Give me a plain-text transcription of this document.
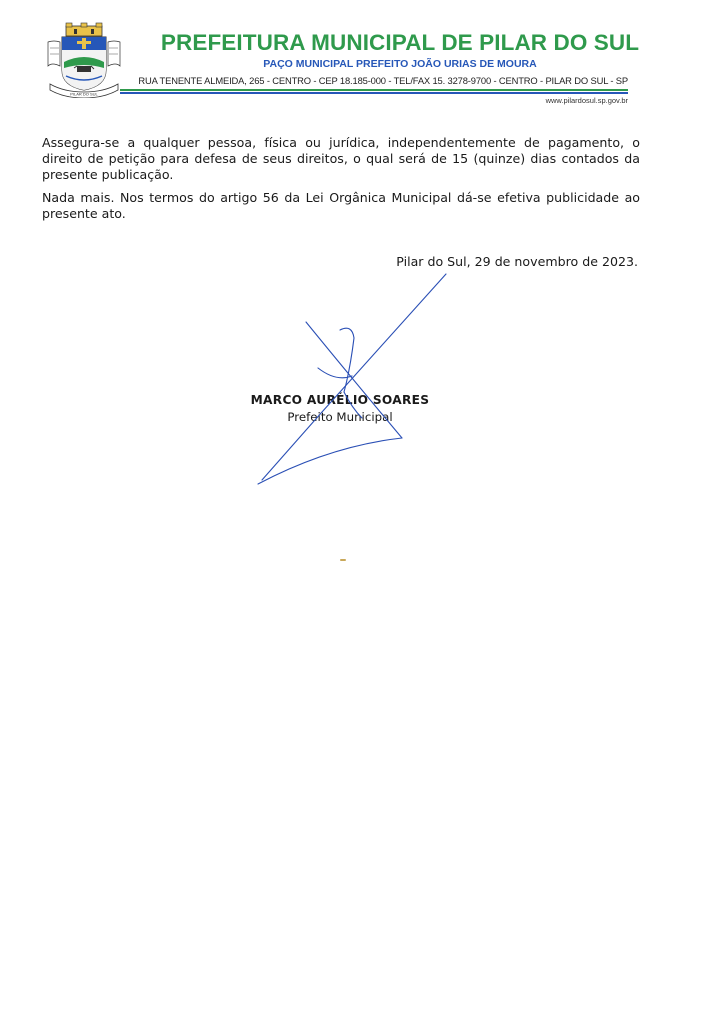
PILAR DO SUL
PREFEITURA MUNICIPAL DE PILAR DO SUL
PAÇO MUNICIPAL PREFEITO JOÃO URIAS DE MOURA
RUA TENENTE ALMEIDA, 265 - CENTRO - CEP 18.185-000 - TEL/FAX 15. 3278-9700 - CENTRO - PILAR DO SUL - SP
www.pilardosul.sp.gov.br

Assegura-se a qualquer pessoa, física ou jurídica, independentemente de pagamento, o direito de petição para defesa de seus direitos, o qual será de 15 (quinze) dias contados da presente publicação.

Nada mais. Nos termos do artigo 56 da Lei Orgânica Municipal dá-se efetiva publicidade ao presente ato.

Pilar do Sul, 29 de novembro de 2023.
MARCO AURÉLIO SOARES
Prefeito Municipal
